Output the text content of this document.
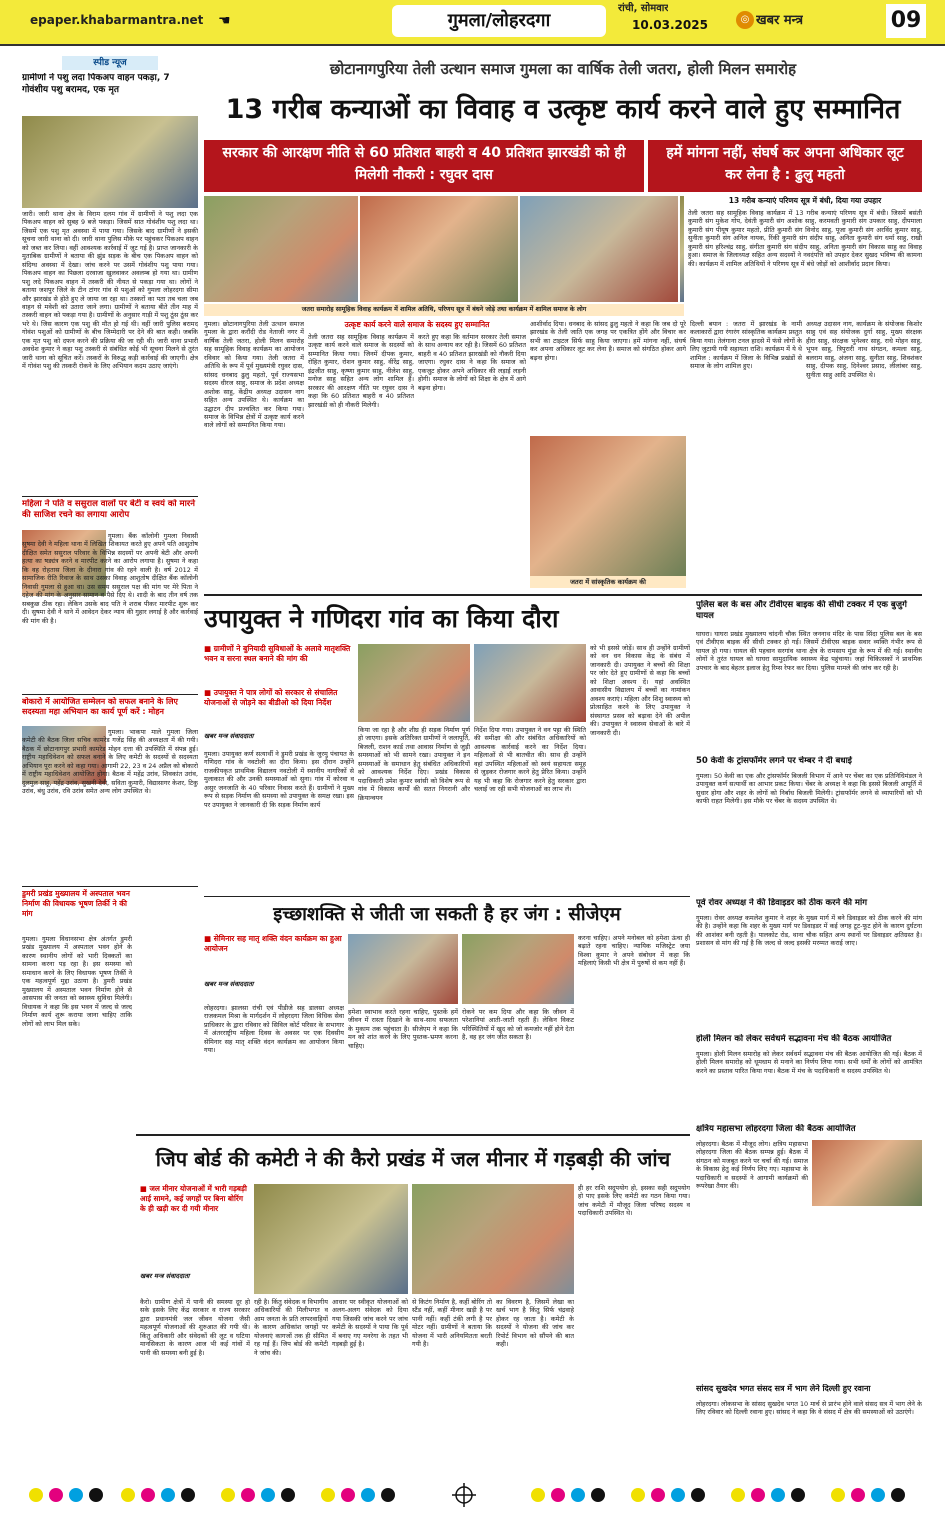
epaper.khabarmantra.net ☚	गुमला/लोहरदगा
रांची, सोमवार
10.03.2025	◎ खबर मन्त्र	09
स्पीड न्यूज
ग्रामीणों ने पशु लदा पिकअप वाहन पकड़ा, 7 गोवंशीय पशु बरामद, एक मृत
जारी। जारी थाना क्षेत्र के विराम दलम गांव में ग्रामीणों ने पशु लदा एक पिकअप वाहन को सुबह 9 बजे पकड़ा। जिसमें सात गोवंशीय पशु लदा था। जिसमें एक पशु मृत अवस्था में पाया गया। जिसके बाद ग्रामीणों ने इसकी सूचना जारी थाना को दी। जारी थाना पुलिस मौके पर पहुंचकर पिकअप वाहन को जब्त कर लिया। वहीं आवश्यक कार्रवाई में जुट गई है। प्राप्त जानकारी के मुताबिक ग्रामीणों ने बताया की झुंड सड़क के बीच एक पिकअप वाहन को संदिग्ध अवस्था में देखा। जांच करने पर उसमें गोवंशीय पशु पाया गया। पिकअप वाहन का पिछला दरवाजा खुलवाकर अवलम्ब हो गया था। ग्रामीण पशु लदे पिकअप वाहन में तस्करी की नीयत से पकड़ा गया था। लोगों ने बताया जशपुर जिले के टीन टांगर गांव से पशुओं को गुमला लोहरदगा सीमा और झारखंड से होते हुए ले जाया जा रहा था। तस्करों का पता तब चला जब वाहन से मवेशी को उतारा जाने लगा। ग्रामीणों ने बताया बीते तीन माह में तस्करी वाहन को पकड़ा गया है। ग्रामीणों के अनुसार गाड़ी में पशु ठूंस ठूंस कर भरे थे। जिस कारण एक पशु की मौत हो गई थी। वहीं जारी पुलिस बरामद गोवंश पशुओं को ग्रामीणों के बीच जिम्मेदारी पर देने की बात कही। जबकि एक मृत पशु को दफन करने की प्रक्रिया की जा रही थी। जारी थाना प्रभारी अवधेश कुमार ने कहा पशु तस्करी से संबंधित कोई भी सूचना मिलने से तुरंत जारी थाना को सूचित करें। तस्करों के विरुद्ध कड़ी कार्रवाई की जाएगी। क्षेत्र में गोवंश पशु की तस्करी रोकने के लिए अभियान कदम उठाए जाएंगे।
महिला ने पति व ससुराल वालों पर बेटी व स्वयं को मारने की साजिश रचने का लगाया आरोप
गुमला। बैंक कॉलोनी गुमला निवासी सुषमा देवी ने महिला थाना में लिखित शिकायत करते हुए अपने पति आशुतोष दीक्षित समेत ससुराल परिवार के विभिन्न सदस्यों पर अपनी बेटी और अपनी हत्या का षड्यंत्र करने व मारपीट करने का आरोप लगाया है। सुषमा ने कहा कि वह रोहतास जिला के दीनारा गांव की रहने वाली है। वर्ष 2012 में सामाजिक रीति रिवाज के साथ उसका विवाह आशुतोष दीक्षित बैंक कॉलोनी निवासी गुमला से हुआ था। उस समय ससुराल पक्ष की मांग पर मेरे पिता ने दहेज की मांग के अनुसार सामान व पैसे दिए थे। शादी के बाद तीन वर्ष तक सबकुछ ठीक रहा। लेकिन उसके बाद पति ने शराब पीकर मारपीट शुरू कर दी। सुषमा देवी ने थाने में आवेदन देकर न्याय की गुहार लगाई है और कार्रवाई की मांग की है।
बोकारो में आयोजित सम्मेलन को सफल बनाने के लिए सदस्यता महा अभियान का कार्य पूर्ण करें : मोहन
गुमला। भाकपा माले गुमला जिला कमेटी की बैठक जिला सचिव कामरेड गजेंद्र सिंह की अध्यक्षता में की गयी। बैठक में छोटानागपुर प्रभारी कामरेड मोहन दत्ता की उपस्थिति में संपन्न हुई। राष्ट्रीय महाधिवेशन को सफल बनाने के लिए कमेटी के सदस्यों से सदस्यता अभियान पूरा करने को कहा गया। आगामी 22, 23 व 24 अप्रैल को बोकारो में राष्ट्रीय महाधिवेशन आयोजित होगा। बैठक में महेंद्र उरांव, शिवकांत उरांव, दुलमुल साहू, पहेंद्र उरांव, सुखनी देवी, सविता कुमारी, विद्यासागर केशर, टिकु उरांव, बंधु उरांव, रवि उरांव समेत अन्य लोग उपस्थित थे।
डुमरी प्रखंड मुख्यालय में अस्पताल भवन निर्माण की विधायक भूषण तिर्की ने की मांग
गुमला। गुमला विधानसभा क्षेत्र अंतर्गत डुमरी प्रखंड मुख्यालय में अस्पताल भवन होने के कारण स्थानीय लोगों को भारी दिक्कतों का सामना करना पड़ रहा है। इस समस्या को समाधान करने के लिए विधायक भूषण तिर्की ने एक महत्वपूर्ण मुद्दा उठाया है। डुमरी प्रखंड मुख्यालय में अस्पताल भवन निर्माण होने से आसपास की जनता को स्वास्थ्य सुविधा मिलेगी। विधायक ने कहा कि इस भवन में जल्द से जल्द निर्माण कार्य शुरू कराया जाना चाहिए ताकि लोगों को लाभ मिल सके।
छोटानागपुरिया तेली उत्थान समाज गुमला का वार्षिक तेली जतरा, होली मिलन समारोह
13 गरीब कन्याओं का विवाह व उत्कृष्ट कार्य करने वाले हुए सम्मानित
सरकार की आरक्षण नीति से 60 प्रतिशत बाहरी व 40 प्रतिशत झारखंडी को ही मिलेगी नौकरी : रघुवर दास
हमें मांगना नहीं, संघर्ष कर अपना अधिकार लूट कर लेना है : ढुलु महतो
जतरा समारोह सामूहिक विवाह कार्यक्रम में शामिल अतिथि, परिणय सूत्र में बंधने जोड़े तथा कार्यक्रम में शामिल समाज के लोग
13 गरीब कन्याएं परिणय सूत्र में बंधी, दिया गया उपहार
तेली जतरा सह सामूहिक विवाह कार्यक्रम में 13 गरीब कन्याएं परिणय सूत्र में बंधी। जिसमें बसंती कुमारी संग मुकेश गोप, देवंती कुमारी संग अशोक साहु, करमवती कुमारी संग उपकार साहु, दीपमाला कुमारी संग पीयूष कुमार महतो, प्रीति कुमारी संग विनोद साहु, पूजा कुमारी संग अरविंद कुमार साहु, सुनीता कुमारी संग अनिल नायक, रिंकी कुमारी संग संदीप साहु, अनिता कुमारी संग धर्मा साहु, राखी कुमारी संग हरिश्चंद्र साहु, संगीता कुमारी संग संदीप साहु, अनिता कुमारी संग विकास साहु का विवाह हुआ। समाज के जिलाध्यक्ष सहित अन्य सदस्यों ने नवदंपत्ति को उपहार देकर सुखद भविष्य की कामना की। कार्यक्रम में शामिल अतिथियों ने परिणय सूत्र में बंधे जोड़ों को आशीर्वाद प्रदान किया।
गुमला। छोटानागपुरिया तेली उत्थान समाज गुमला के द्वारा करौंदी रोड नेताजी नगर में वार्षिक तेली जतरा, होली मिलन समारोह सह सामूहिक विवाह कार्यक्रम का आयोजन रविवार को किया गया। तेली जतरा में अतिथि के रूप में पूर्व मुख्यमंत्री रघुवर दास, सांसद धनबाद ढुलु महतो, पूर्व राज्यसभा सदस्य धीरज साहु, समाज के प्रदेश अध्यक्ष अशोक साहु, केंद्रीय अध्यक्ष उदासन नाग सहित अन्य उपस्थित थे। कार्यक्रम का उद्घाटन दीप प्रज्वलित कर किया गया। समाज के विभिन्न क्षेत्रों में उत्कृष्ट कार्य करने वाले लोगों को सम्मानित किया गया।
उत्कृष्ट कार्य करने वाले समाज के सदस्य हुए सम्मानित
तेली जतरा सह सामूहिक विवाह कार्यक्रम में उत्कृष्ट कार्य करने वाले समाज के सदस्यों को सम्मानित किया गया। जिनमें दीपक कुमार, रोहित कुमार, रोशन कुमार साहु, वीरेंद्र साहु, इंद्रजीत साहु, कृष्णा कुमार साहु, नीलेश साहु, मनोज साहु सहित अन्य लोग शामिल हैं। सरकार की आरक्षण नीति पर रघुवर दास ने कहा कि 60 प्रतिशत बाहरी व 40 प्रतिशत झारखंडी को ही नौकरी मिलेगी।
करते हुए कहा कि वर्तमान सरकार तेली समाज के साथ अन्याय कर रही है। जिसमें 60 प्रतिशत बाहरी व 40 प्रतिशत झारखंडी को नौकरी दिया जाएगा। रघुवर दास ने कहा कि समाज को एकजुट होकर अपने अधिकार की लड़ाई लड़नी होगी। समाज के लोगों को शिक्षा के क्षेत्र में आगे बढ़ना होगा।
आशीर्वाद दिया। धनबाद के सांसद ढुलु महतो ने कहा कि जब दो पूरे झारखंड के तेली जाति एक जगह पर एकत्रित होंगे और विचार कर सभी का टाइटल सिर्फ साहु किया जाएगा। हमें मांगना नहीं, संघर्ष कर अपना अधिकार लूट कर लेना है। समाज को संगठित होकर आगे बढ़ना होगा।
जतरा में सांस्कृतिक कार्यक्रम की
दिल्ली बयान : जतरा में झारखंड के नामी कलाकारों द्वारा रंगारंग सांस्कृतिक कार्यक्रम प्रस्तुत किया गया। तेलंगाना टनल हादसे में फंसे लोगों के लिए जुटायी गयी सहायता राशि। कार्यक्रम में ये थे शामिल : कार्यक्रम में जिला के विभिन्न प्रखंडों से समाज के लोग शामिल हुए।
अध्यक्ष उदासन नाग, कार्यक्रम के संयोजक किशोर साहु एवं सह संयोजक दुर्गा साहु, मुख्य संरक्षक हीरा साहु, संरक्षक भुनेश्वर साहु, राधे मोहन साहु, भूपन साहु, त्रिपुरारी नाथ संगठन, कमला साहु, बलराम साहु, अंजना साहु, सुनीता साहु, शिवशंकर साहु, दीपक साहु, दिनेश्वर प्रसाद, लीलांबर साहु, सुनीता साहु आदि उपस्थित थे।
उपायुक्त ने गणिदरा गांव का किया दौरा
■ ग्रामीणों ने बुनियादी सुविधाओं के अलावे मातृशक्ति भवन व सरना स्थल बनाने की मांग की
■ उपायुक्त ने पात्र लोगों को सरकार से संचालित योजनाओं से जोड़ने का बीडीओ को दिया निर्देश
खबर मन्त्र संवाददाता
गुमला। उपायुक्त कर्ण सत्यार्थी ने डुमरी प्रखंड के जुरमु पंचायत के गणिदरा गांव के नवटोली का दौरा किया। इस दौरान उन्होंने राजकीयकृत प्राथमिक विद्यालय नवटोली में स्थानीय नागरिकों से मुलाकात की और उनकी समस्याओं को सुना। गांव में कोरवा व असुर जनजाति के 40 परिवार निवास करते हैं। ग्रामीणों ने मुख्य रूप से सड़क निर्माण की समस्या को उपायुक्त के समक्ष रखा। इस पर उपायुक्त ने जानकारी दी कि सड़क निर्माण कार्य
किया जा रहा है और शीघ्र ही सड़क निर्माण पूर्ण हो जाएगा। इसके अतिरिक्त ग्रामीणों ने जलापूर्ति, बिजली, राशन कार्ड तथा आवास निर्माण से जुड़ी समस्याओं को भी सामने रखा। उपायुक्त ने इन समस्याओं के समाधान हेतु संबंधित अधिकारियों को आवश्यक निर्देश दिए। प्रखंड विकास पदाधिकारी उमेश कुमार स्वांसी को विशेष रूप से गांव में विकास कार्यों की सतत निगरानी और क्रियान्वयन
निर्देश दिया गया। उपायुक्त ने वन पट्टा की स्थिति की समीक्षा की और संबंधित अधिकारियों को आवश्यक कार्रवाई करने का निर्देश दिया। महिलाओं से भी बातचीत की। साथ ही उन्होंने वहां उपस्थित महिलाओं को स्वयं सहायता समूह से जुड़कर रोजगार करने हेतु प्रेरित किया। उन्होंने यह भी कहा कि रोजगार करने हेतु सरकार द्वारा चलाई जा रही सभी योजनाओं का लाभ लें।
को भी इससे जोड़ें। साथ ही उन्होंने ग्रामीणों को वन धन विकास केंद्र के संबंध में जानकारी दी। उपायुक्त ने बच्चों की शिक्षा पर जोर देते हुए ग्रामीणों से कहा कि बच्चों को शिक्षा अवश्य दें। यहां अवस्थित आवासीय विद्यालय में बच्चों का नामांकन अवश्य कराएं। महिला और शिशु स्वास्थ्य को प्रोत्साहित करने के लिए उपायुक्त ने संस्थागत प्रसव को बढ़ावा देने की अपील की। उपायुक्त ने स्वास्थ्य सेवाओं के बारे में जानकारी दी।
पुलिस बल के बस और टीवीएस बाइक की सीधी टक्कर में एक बुजुर्ग घायल
घाघरा। घाघरा प्रखंड मुख्यालय चांदनी चौक स्थित जननाथ मंदिर के पास सिंदा पुलिस बल के बस एवं टीवीएस बाइक की सीधी टक्कर हो गई। जिसमें टीवीएस बाइक सवार व्यक्ति गंभीर रूप से घायल हो गया। घायल की पहचान सरगांव थाना क्षेत्र के रामसाय मुंडा के रूप में की गई। स्थानीय लोगों ने तुरंत घायल को घाघरा सामुदायिक स्वास्थ्य केंद्र पहुंचाया। जहां चिकित्सकों ने प्राथमिक उपचार के बाद बेहतर इलाज हेतु रिम्स रेफर कर दिया। पुलिस मामले की जांच कर रही है।
50 केवी के ट्रांसफॉर्मर लगने पर चेम्बर ने दी बधाई
गुमला। 50 केवी का एक और ट्रांसफॉर्मर बिजली विभाग में आने पर चेंबर का एक प्रतिनिधिमंडल ने उपायुक्त कर्ण सत्यार्थी का आभार प्रकट किया। चेंबर के अध्यक्ष ने कहा कि इससे बिजली आपूर्ति में सुधार होगा और शहर के लोगों को निर्बाध बिजली मिलेगी। ट्रांसफॉर्मर लगने से व्यापारियों को भी काफी राहत मिलेगी। इस मौके पर चेंबर के सदस्य उपस्थित थे।
पूर्व रोवर अध्यक्ष ने की डिवाइडर को ठीक करने की मांग
गुमला। रोवर अध्यक्ष कमलेश कुमार ने शहर के मुख्य मार्ग में बने डिवाइडर को ठीक करने की मांग की है। उन्होंने कहा कि शहर के मुख्य मार्ग पर डिवाइडर में कई जगह टूट-फूट होने के कारण दुर्घटना की आशंका बनी रहती है। पालकोट रोड, थाना चौक सहित अन्य स्थानों पर डिवाइडर क्षतिग्रस्त है। प्रशासन से मांग की गई है कि जल्द से जल्द इसकी मरम्मत कराई जाए।
होली मिलन को लेकर सर्वधर्म सद्भावना मंच की बैठक आयोजित
गुमला। होली मिलन समारोह को लेकर सर्वधर्म सद्भावना मंच की बैठक आयोजित की गई। बैठक में होली मिलन समारोह को धूमधाम से मनाने का निर्णय लिया गया। सभी धर्मों के लोगों को आमंत्रित करने का प्रस्ताव पारित किया गया। बैठक में मंच के पदाधिकारी व सदस्य उपस्थित थे।
क्षत्रिय महासभा लोहरदगा जिला की बैठक आयोजित
लोहरदगा। बैठक में मौजूद लोग। क्षत्रिय महासभा लोहरदगा जिला की बैठक सम्पन्न हुई। बैठक में संगठन को मजबूत करने पर चर्चा की गई। समाज के विकास हेतु कई निर्णय लिए गए। महासभा के पदाधिकारी व सदस्यों ने आगामी कार्यक्रमों की रूपरेखा तैयार की।
सांसद सुखदेव भगत संसद सत्र में भाग लेने दिल्ली हुए रवाना
लोहरदगा। लोकसभा के सांसद सुखदेव भगत 10 मार्च से प्रारंभ होने वाले संसद सत्र में भाग लेने के लिए रविवार को दिल्ली रवाना हुए। सांसद ने कहा कि वे संसद में क्षेत्र की समस्याओं को उठाएंगे।
इच्छाशक्ति से जीती जा सकती है हर जंग : सीजेएम
■ सेमिनार सह मातृ शक्ति वंदन कार्यक्रम का हुआ आयोजन
खबर मन्त्र संवाददाता
लोहरदगा। झालसा रांची एवं पीडीजे सह डालसा अध्यक्ष राजकमल मिश्रा के मार्गदर्शन में लोहरदगा जिला विधिक सेवा प्राधिकार के द्वारा रविवार को सिविल कोर्ट परिसर के सभागार में अंतरराष्ट्रीय महिला दिवस के अवसर पर एक दिवसीय सेमिनार सह मातृ शक्ति वंदन कार्यक्रम का आयोजन किया गया।
हमेशा स्वाभाव करते रहना चाहिए, पुस्तकें हमें जीवन में रास्ता दिखाने के साथ-साथ सफलता के मुकाम तक पहुंचाता है। सीजेएम ने कहा कि मन को शांत करने के लिए पुस्तक-भ्रमण करना चाहिए।
रोकने पर कम दिया और कहा कि जीवन में परेशानियां आती-जाती रहती हैं। लेकिन विकट परिस्थितियों में खुद को जो कमजोर नहीं होने देता है, वह हर जंग जीत सकता है।
करना चाहिए। अपने मनोबल को हमेशा ऊंचा ही बढ़ाते रहना चाहिए। न्यायिक मजिस्ट्रेट जया विश्वा कुमार ने अपने संबोधन में कहा कि महिलाएं किसी भी क्षेत्र में पुरुषों से कम नहीं हैं।
जिप बोर्ड की कमेटी ने की कैरो प्रखंड में जल मीनार में गड़बड़ी की जांच
■ जल मीनार योजनाओं में भारी गड़बड़ी आई सामने, कई जगहों पर बिना बोरिंग के ही खड़ी कर दी गयी मीनार
खबर मन्त्र संवाददाता
कैरो। ग्रामीण क्षेत्रों में पानी की समस्या दूर हो सके इसके लिए केंद्र सरकार व राज्य सरकार द्वारा प्रधानमंत्री जल जीवन योजना जैसी महत्वपूर्ण योजनाओं की शुरुआत की गयी थी। किंतु अधिकारी और संवेदकों की लूट व घटिया मानसिकता के कारण आज भी कई गांवों में पानी की समस्या बनी हुई है।
रही है। किंतु संवेदक व विभागीय अधिकारियों की मिलीभगत व आम जनता के प्रति लापरवाहियों के कारण अधिकांश जगहों पर योजनाएं कागजों तक ही सीमित रह गई हैं। जिप बोर्ड की कमेटी ने जांच की।
आधार पर स्वीकृत योजनाओं को अलग-अलग संवेदक को दिया गया जिसकी जांच करने पर जांच कमेटी के सदस्यों ने पाया कि पूर्व में बनाए गए मनरेगा के तहत भी गड़बड़ी हुई है।
से किटंग निर्माण है, कहीं बोरिंग तो स्टैंड नहीं, कहीं मीनार खड़ी है पर पानी नहीं। कहीं टंकी लगी है पर मोटर नहीं। ग्रामीणों ने बताया कि योजना में भारी अनियमितता बरती गयी है।
का विवरण है, जिसमें लेखा का खर्च भाग है किंतु सिर्फ चंद्रवाहे होकर रह जाता है। कमेटी के सदस्यों ने योजना की जांच कर रिपोर्ट विभाग को सौंपने की बात कही।
ही हर राशि सदुपयोग हो, इसका सही सदुपयोग हो पाए इसके लिए कमेटी का गठन किया गया। जांच कमेटी में मौजूद जिला परिषद सदस्य व पदाधिकारी उपस्थित थे।
